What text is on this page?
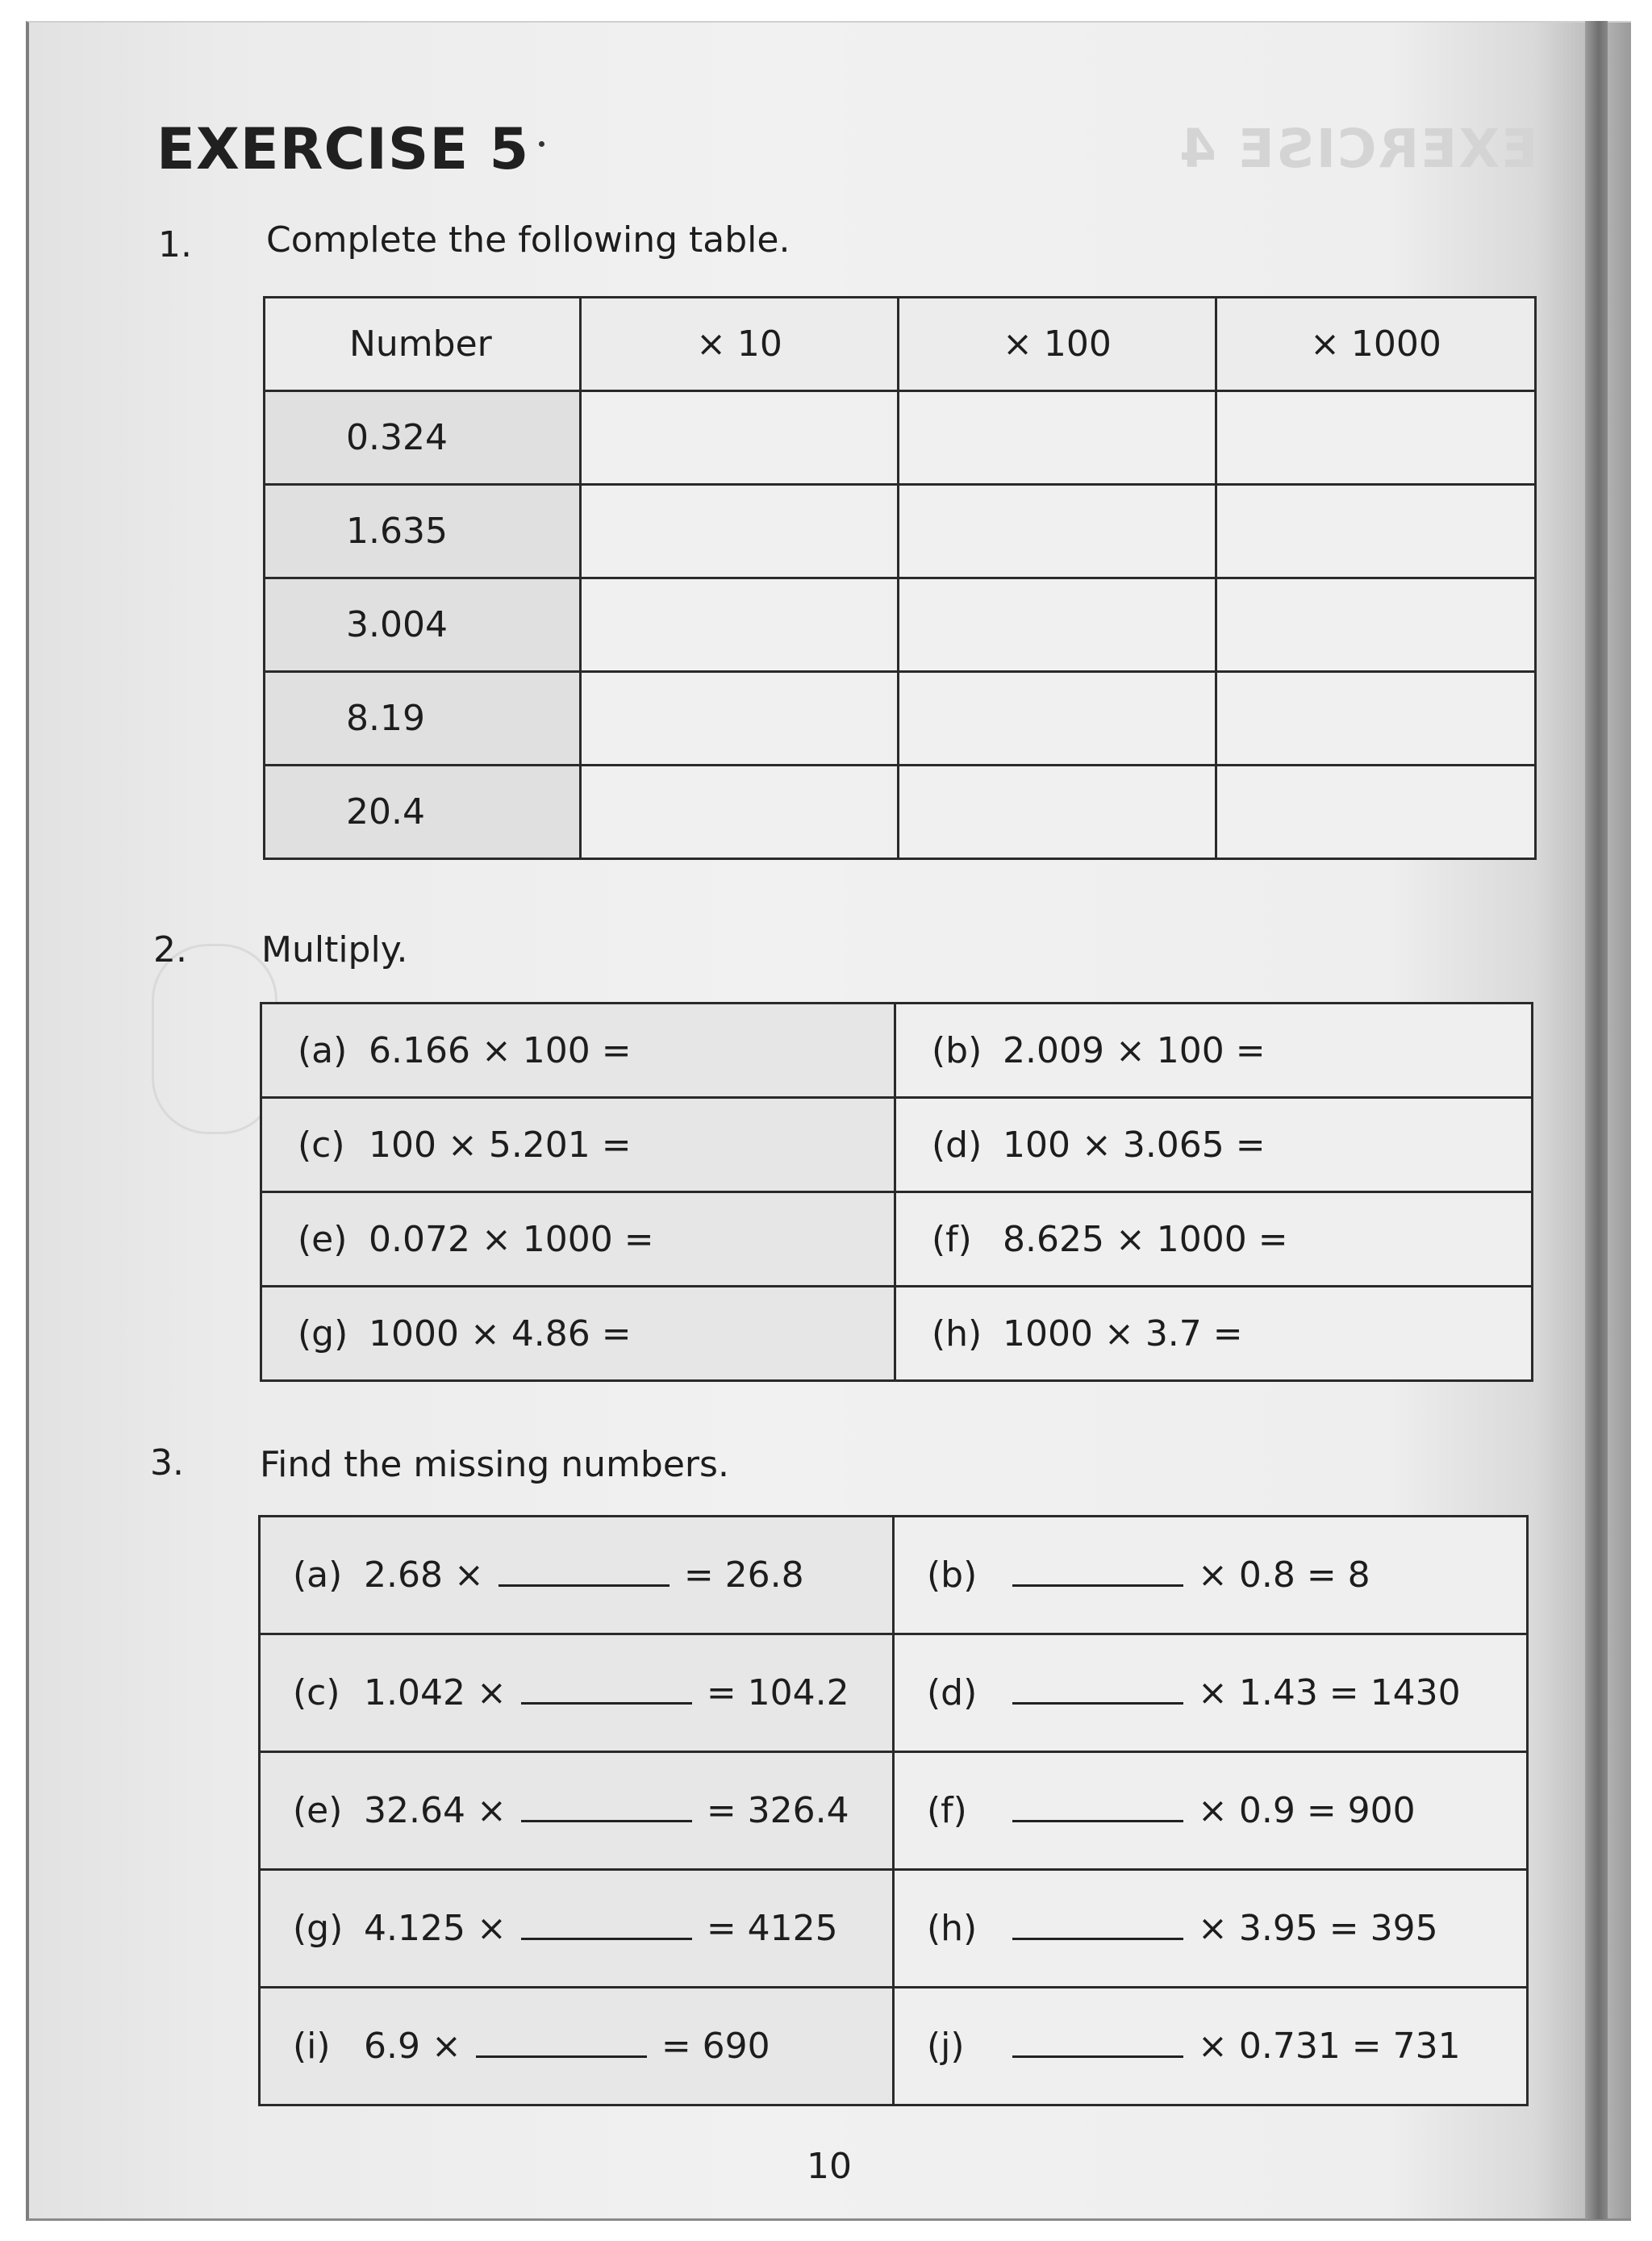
EXERCISE 4
EXERCISE 5
1. Complete the following table.
Number	× 10	× 100	× 1000
0.324			
1.635			
3.004			
8.19			
20.4			
2. Multiply.
(a) 6.166 × 100 =	(b) 2.009 × 100 =
(c) 100 × 5.201 =	(d) 100 × 3.065 =
(e) 0.072 × 1000 =	(f) 8.625 × 1000 =
(g) 1000 × 4.86 =	(h) 1000 × 3.7 =
3. Find the missing numbers.
(a) 2.68 × = 26.8	(b) × 0.8 = 8
(c) 1.042 × = 104.2	(d) × 1.43 = 1430
(e) 32.64 × = 326.4	(f) × 0.9 = 900
(g) 4.125 × = 4125	(h) × 3.95 = 395
(i) 6.9 × = 690	(j) × 0.731 = 731
10
